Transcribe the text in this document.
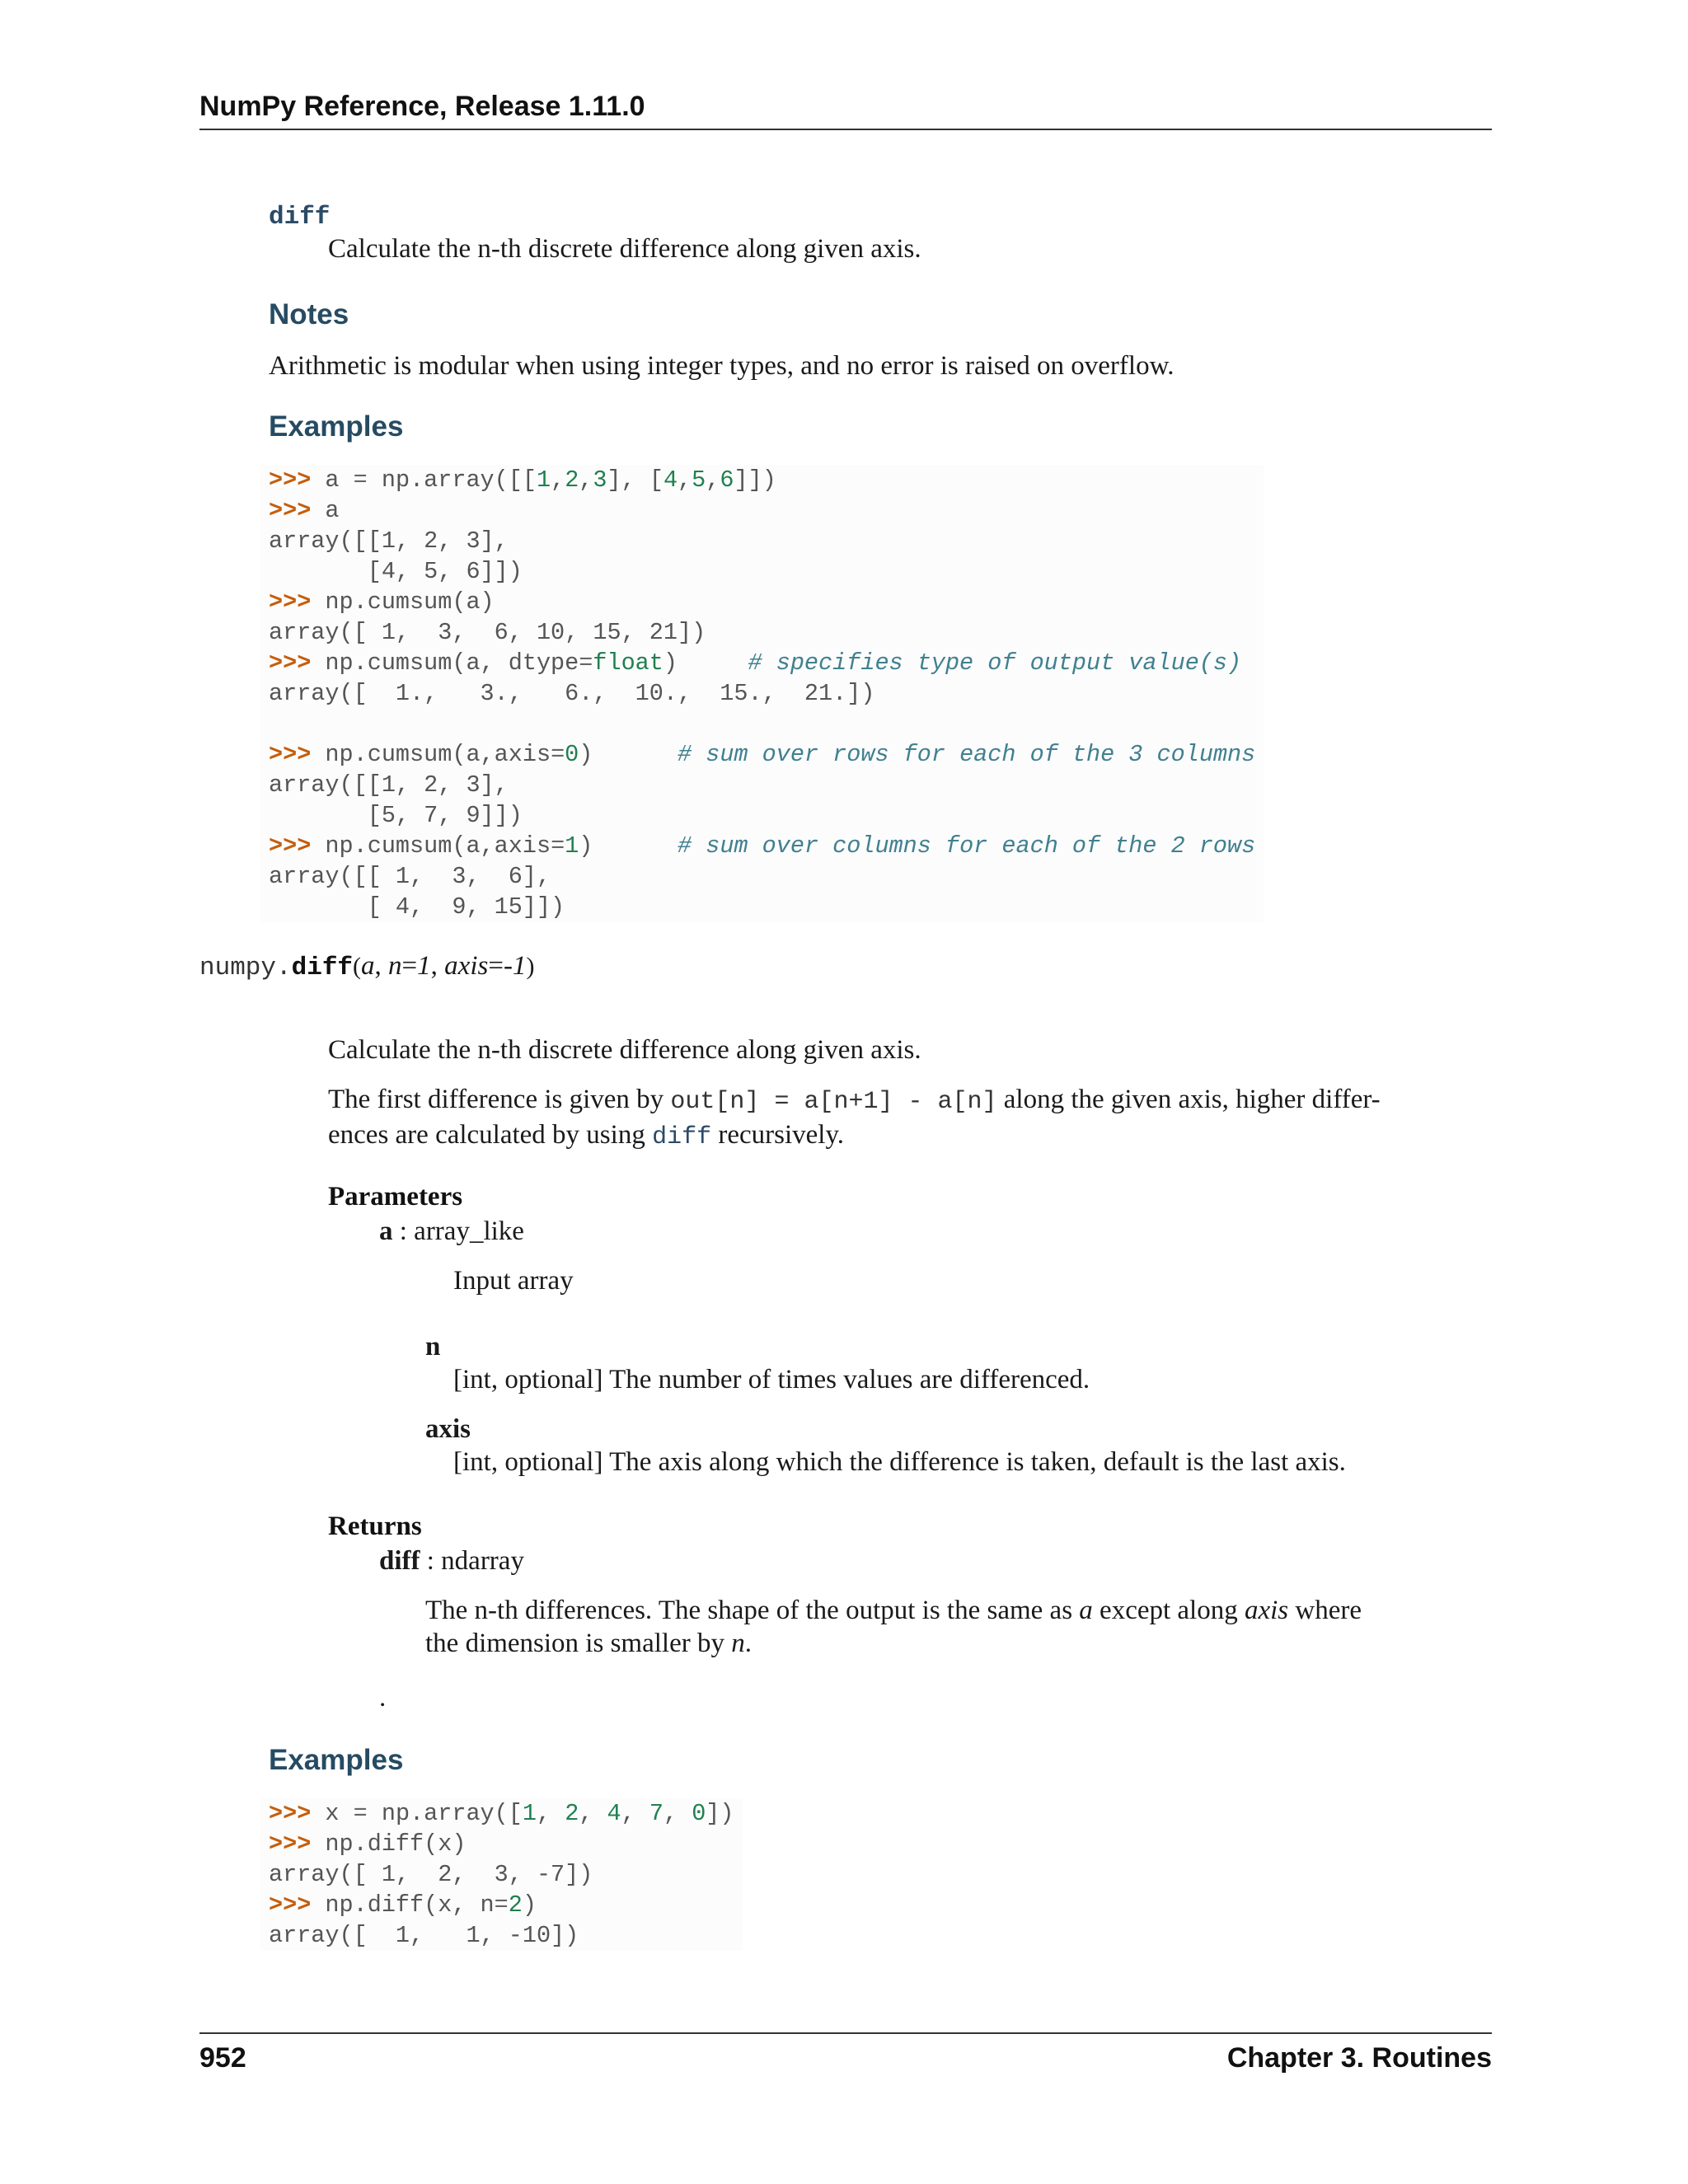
NumPy Reference, Release 1.11.0
diff
Calculate the n-th discrete difference along given axis.
Notes
Arithmetic is modular when using integer types, and no error is raised on overflow.
Examples
>>> a = np.array([[1,2,3], [4,5,6]])
>>> a
array([[1, 2, 3],
[4, 5, 6]])
>>> np.cumsum(a)
array([ 1,  3,  6, 10, 15, 21])
>>> np.cumsum(a, dtype=float)     # specifies type of output value(s)
array([  1.,   3.,   6.,  10.,  15.,  21.])

>>> np.cumsum(a,axis=0)      # sum over rows for each of the 3 columns
array([[1, 2, 3],
[5, 7, 9]])
>>> np.cumsum(a,axis=1)      # sum over columns for each of the 2 rows
array([[ 1,  3,  6],
[ 4,  9, 15]])
numpy.diff(a, n=1, axis=-1)
Calculate the n-th discrete difference along given axis.
The first difference is given by out[n] = a[n+1] - a[n] along the given axis, higher differ-
ences are calculated by using diff recursively.
Parameters
a : array_like
Input array
n
[int, optional] The number of times values are differenced.
axis
[int, optional] The axis along which the difference is taken, default is the last axis.
Returns
diff : ndarray
The n-th differences. The shape of the output is the same as a except along axis where
the dimension is smaller by n.
.
Examples
>>> x = np.array([1, 2, 4, 7, 0])
>>> np.diff(x)
array([ 1,  2,  3, -7])
>>> np.diff(x, n=2)
array([  1,   1, -10])
952	Chapter 3. Routines
